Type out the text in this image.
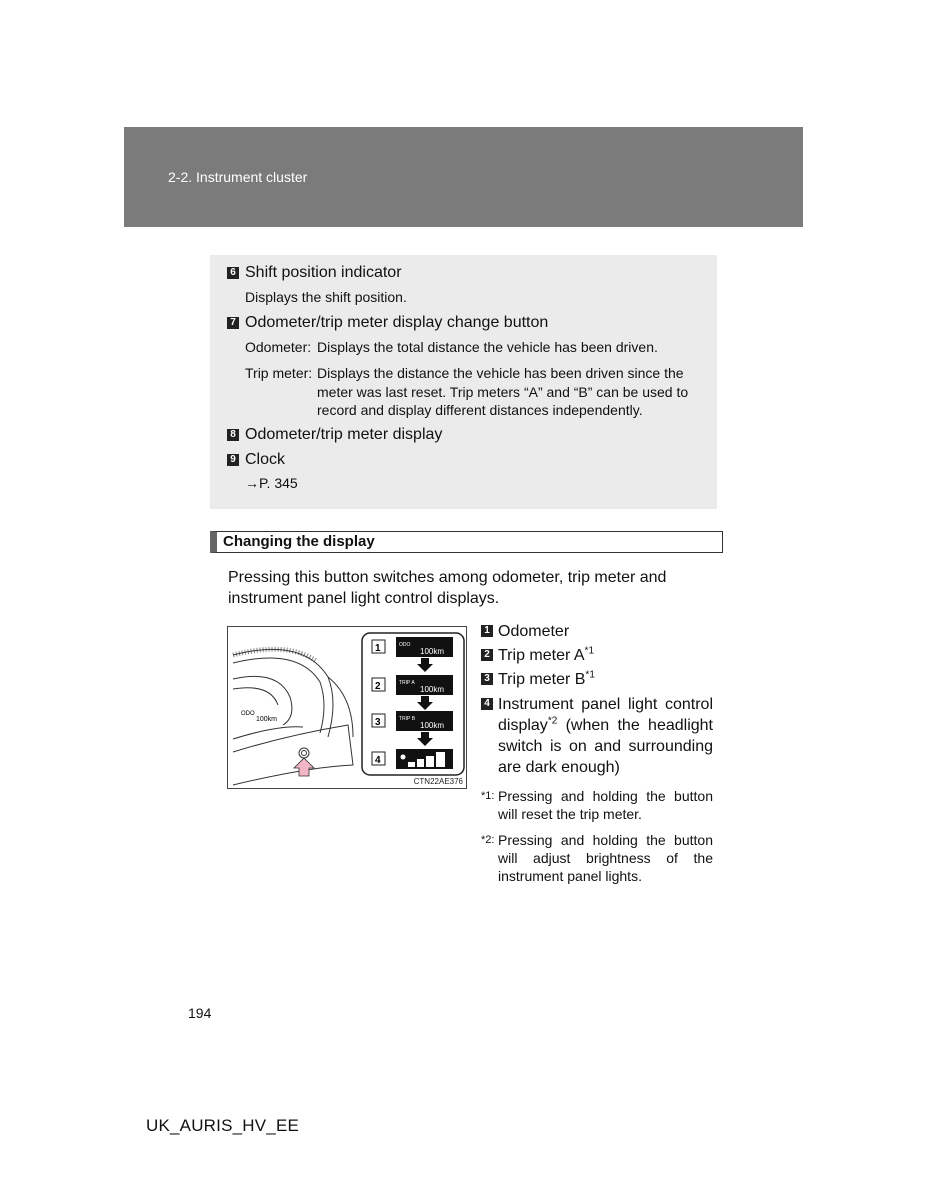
2-2. Instrument cluster
6 Shift position indicator
Displays the shift position.
7 Odometer/trip meter display change button
Odometer: Displays the total distance the vehicle has been driven.
Trip meter: Displays the distance the vehicle has been driven since the meter was last reset. Trip meters “A” and “B” can be used to record and display different distances independently.
8 Odometer/trip meter display
9 Clock
→P. 345
Changing the display
Pressing this button switches among odometer, trip meter and instrument panel light control displays.
ODO
100km
1	ODO
100km
2	TRIP A
100km
3	TRIP B
100km
4
CTN22AE376
1 Odometer
2 Trip meter $A^{*1}$
3 Trip meter $B^{*1}$
4 Instrument panel light control display$^{*2}$ (when the headlight switch is on and surrounding are dark enough)
*1: Pressing and holding the button will reset the trip meter.
*2: Pressing and holding the button will adjust brightness of the instrument panel lights.
194
UK_AURIS_HV_EE
